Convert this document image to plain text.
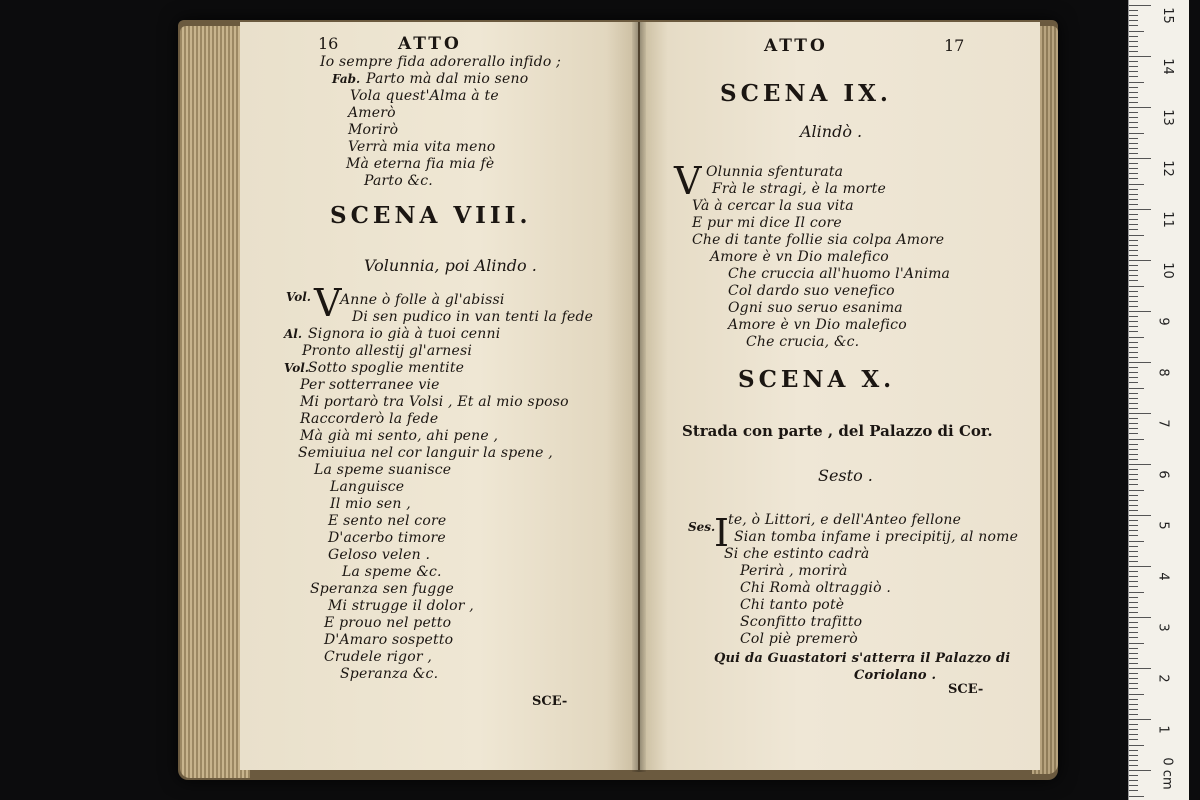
16	ATTO
Io sempre fida adorerallo infido ;
Fab. Parto mà dal mio seno
Vola quest'Alma à te
Amerò
Morirò
Verrà mia vita meno
Mà eterna fia mia fè
Parto &c.
SCENA VIII.
Volunnia, poi Alindo .
Vol. V
Anne ò folle à gl'abissi
Di sen pudico in van tenti la fede
Al. Signora io già à tuoi cenni
Pronto allestij gl'arnesi
Vol. Sotto spoglie mentite
Per sotterranee vie
Mi portarò tra Volsi , Et al mio sposo
Raccorderò la fede
Mà già mi sento, ahi pene ,
Semiuiua nel cor languir la spene ,
La speme suanisce
Languisce
Il mio sen ,
E sento nel core
D'acerbo timore
Geloso velen .
La speme &c.
Speranza sen fugge
Mi strugge il dolor ,
E prouo nel petto
D'Amaro sospetto
Crudele rigor ,
Speranza &c.
SCE-
ATTO	17
SCENA IX.
Alindò .
V Olunnia sfenturata
Frà le stragi, è la morte
Và à cercar la sua vita
E pur mi dice Il core
Che di tante follie sia colpa Amore
Amore è vn Dio malefico
Che cruccia all'huomo l'Anima
Col dardo suo venefico
Ogni suo seruo esanima
Amore è vn Dio malefico
Che crucia, &c.
SCENA X.
Strada con parte , del Palazzo di Cor.
Sesto .
Ses.
I
te, ò Littori, e dell'Anteo fellone
Sian tomba infame i precipitij, al nome
Si che estinto cadrà
Perirà , morirà
Chi Romà oltraggiò .
Chi tanto potè
Sconfitto trafitto
Col piè premerò
Qui da Guastatori s'atterra il Palazzo di
Coriolano .
SCE-
15
14
13
12
11
10
9
8
7
6
5
4
3
2
1
0 cm
